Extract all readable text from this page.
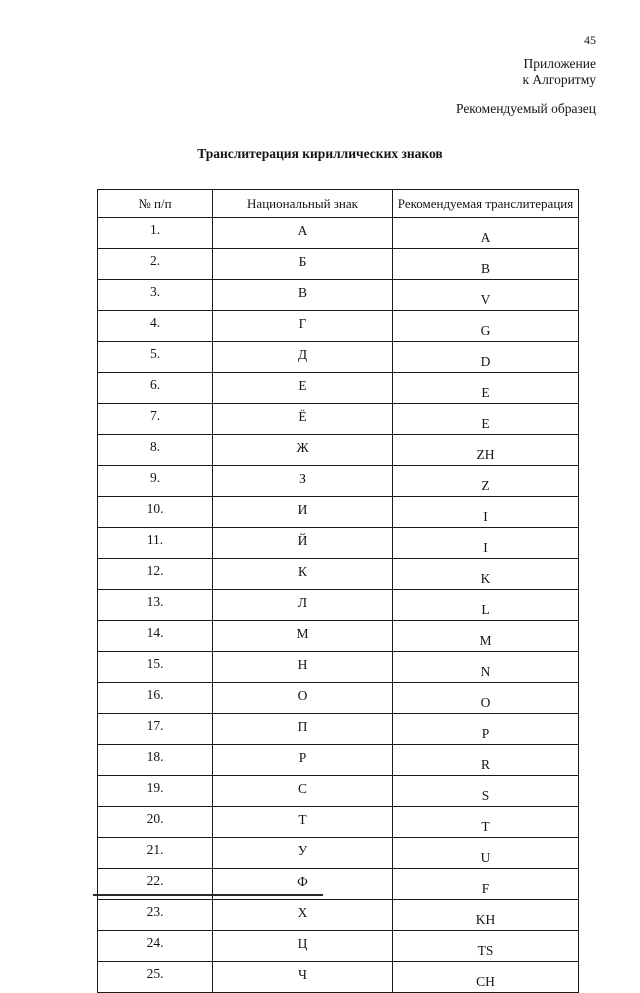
45
Приложение
к Алгоритму
Рекомендуемый образец
Транслитерация кириллических знаков
№ п/п	Национальный знак	Рекомендуемая транслитерация
1.	А	A
2.	Б	B
3.	В	V
4.	Г	G
5.	Д	D
6.	Е	E
7.	Ё	E
8.	Ж	ZH
9.	З	Z
10.	И	I
11.	Й	I
12.	К	K
13.	Л	L
14.	М	M
15.	Н	N
16.	О	O
17.	П	P
18.	Р	R
19.	С	S
20.	Т	T
21.	У	U
22.	Ф	F
23.	Х	KH
24.	Ц	TS
25.	Ч	CH
